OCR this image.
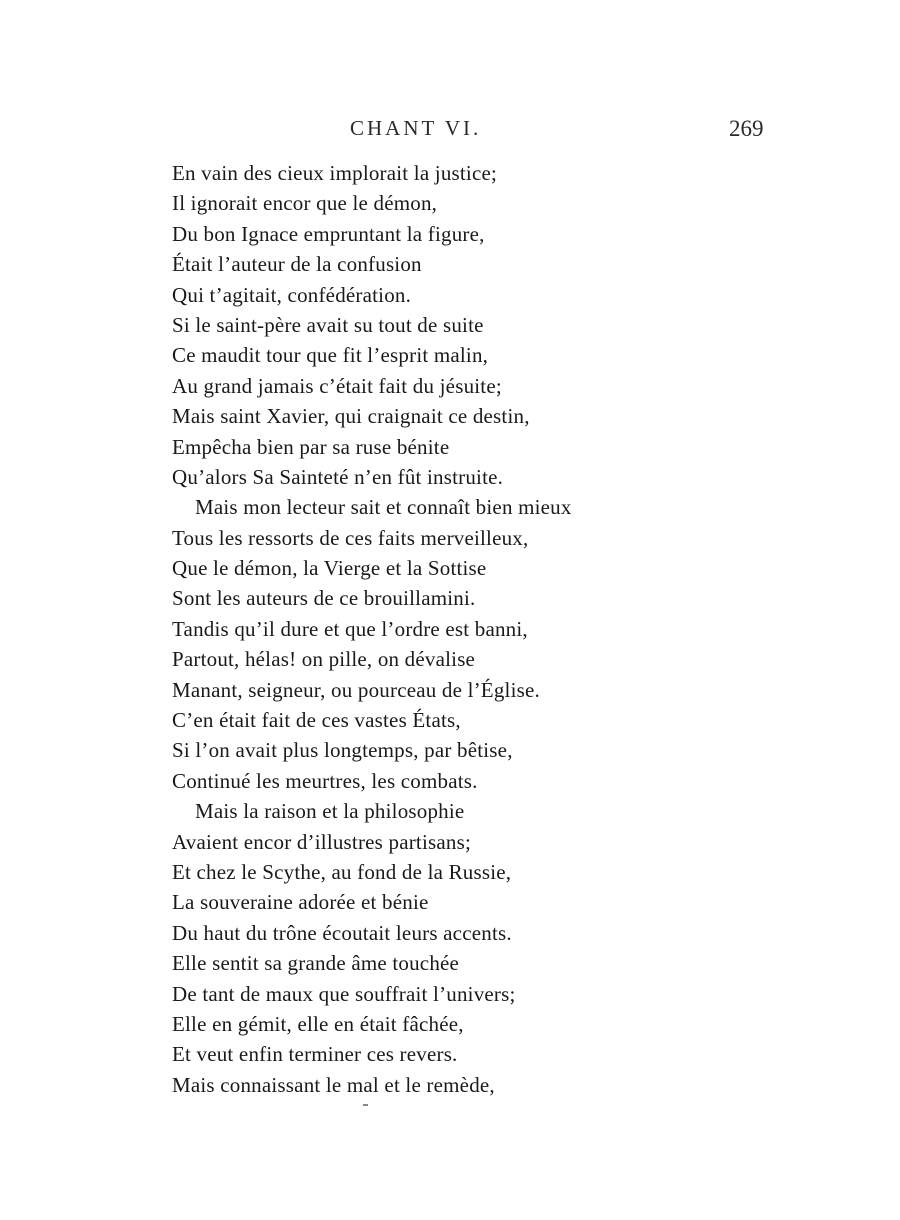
CHANT VI.	269
En vain des cieux implorait la justice;
Il ignorait encor que le démon,
Du bon Ignace empruntant la figure,
Était l’auteur de la confusion
Qui t’agitait, confédération.
Si le saint-père avait su tout de suite
Ce maudit tour que fit l’esprit malin,
Au grand jamais c’était fait du jésuite;
Mais saint Xavier, qui craignait ce destin,
Empêcha bien par sa ruse bénite
Qu’alors Sa Sainteté n’en fût instruite.
Mais mon lecteur sait et connaît bien mieux
Tous les ressorts de ces faits merveilleux,
Que le démon, la Vierge et la Sottise
Sont les auteurs de ce brouillamini.
Tandis qu’il dure et que l’ordre est banni,
Partout, hélas! on pille, on dévalise
Manant, seigneur, ou pourceau de l’Église.
C’en était fait de ces vastes États,
Si l’on avait plus longtemps, par bêtise,
Continué les meurtres, les combats.
Mais la raison et la philosophie
Avaient encor d’illustres partisans;
Et chez le Scythe, au fond de la Russie,
La souveraine adorée et bénie
Du haut du trône écoutait leurs accents.
Elle sentit sa grande âme touchée
De tant de maux que souffrait l’univers;
Elle en gémit, elle en était fâchée,
Et veut enfin terminer ces revers.
Mais connaissant le mal et le remède,
